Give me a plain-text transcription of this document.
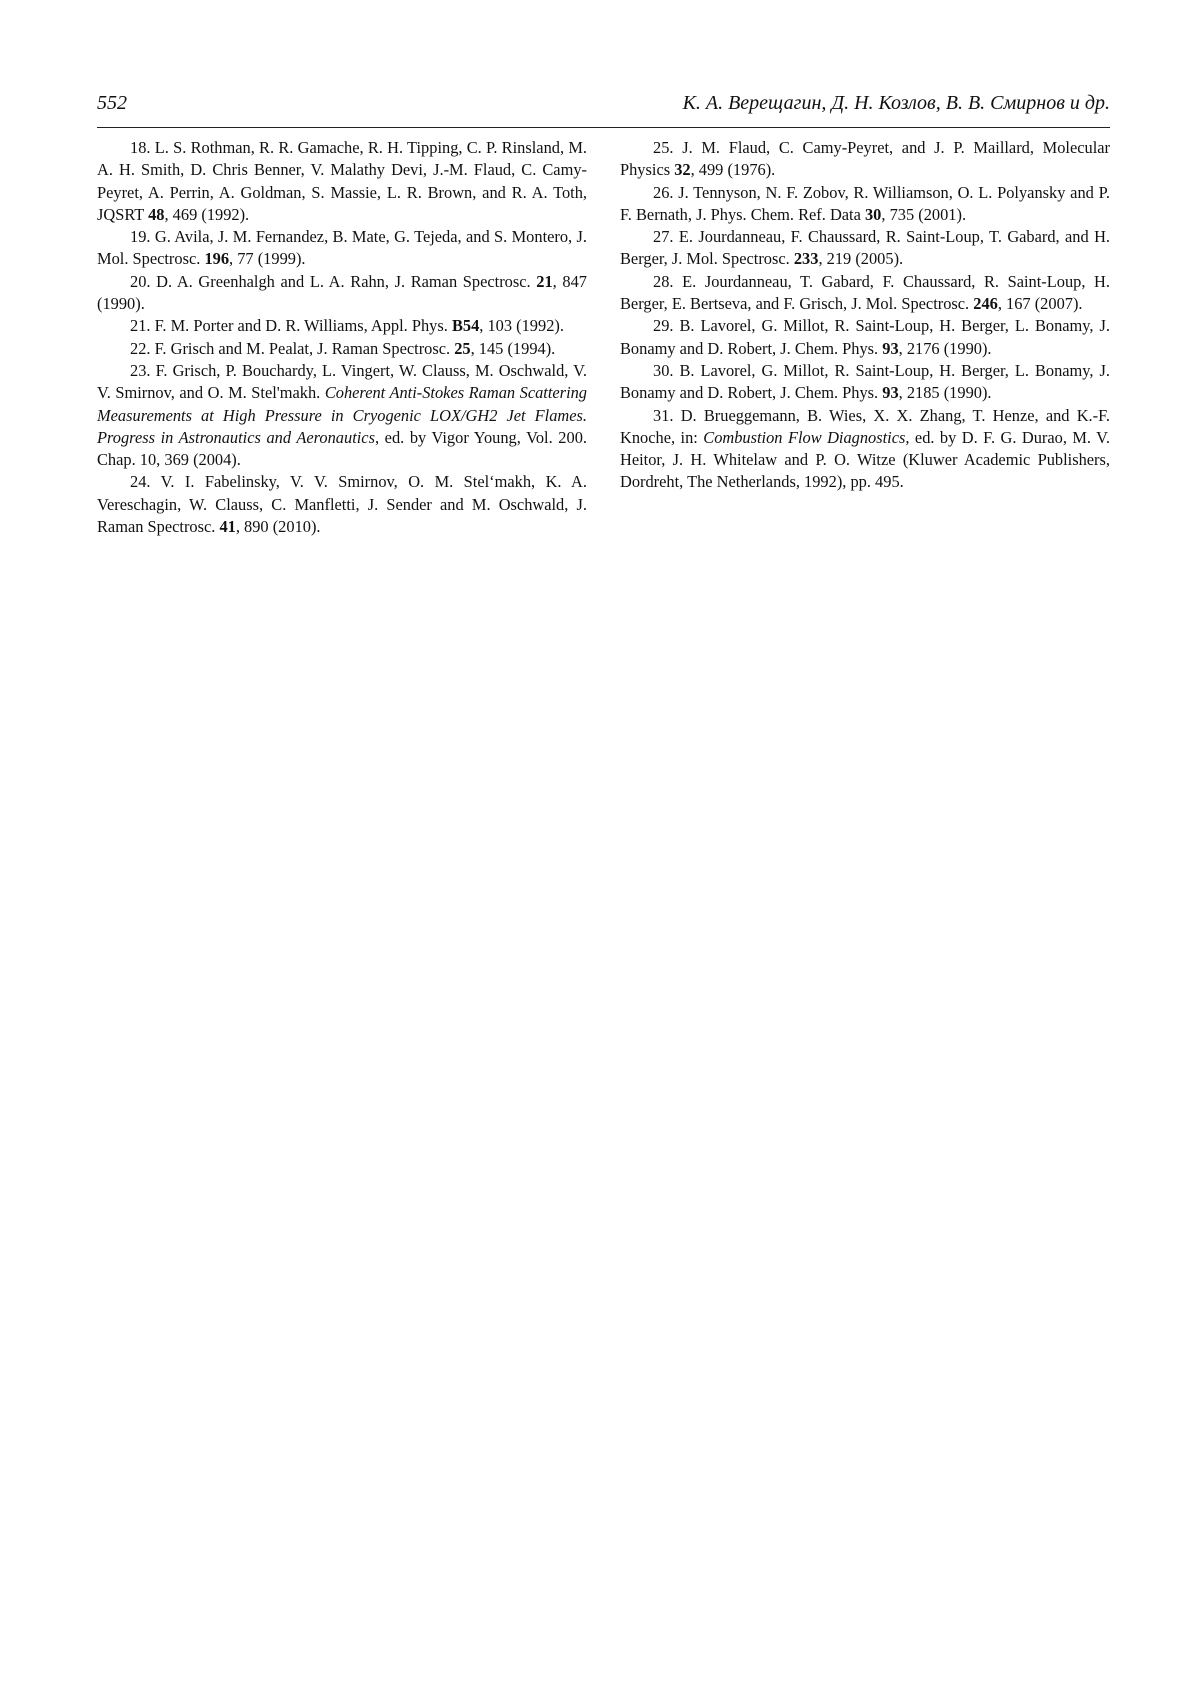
552	К. А. Верещагин, Д. Н. Козлов, В. В. Смирнов и др.

18. L. S. Rothman, R. R. Gamache, R. H. Tipping, C. P. Rinsland, M. A. H. Smith, D. Chris Benner, V. Malathy Devi, J.-M. Flaud, C. Camy-Peyret, A. Perrin, A. Goldman, S. Massie, L. R. Brown, and R. A. Toth, JQSRT 48, 469 (1992).

19. G. Avila, J. M. Fernandez, B. Mate, G. Tejeda, and S. Montero, J. Mol. Spectrosc. 196, 77 (1999).

20. D. A. Greenhalgh and L. A. Rahn, J. Raman Spectrosc. 21, 847 (1990).

21. F. M. Porter and D. R. Williams, Appl. Phys. B54, 103 (1992).

22. F. Grisch and M. Pealat, J. Raman Spectrosc. 25, 145 (1994).

23. F. Grisch, P. Bouchardy, L. Vingert, W. Clauss, M. Oschwald, V. V. Smirnov, and O. M. Stel'makh. Coherent Anti-Stokes Raman Scattering Measurements at High Pressure in Cryogenic LOX/GH2 Jet Flames. Progress in Astronautics and Aeronautics, ed. by Vigor Young, Vol. 200. Chap. 10, 369 (2004).

24. V. I. Fabelinsky, V. V. Smirnov, O. M. Stel‘makh, K. A. Vereschagin, W. Clauss, C. Manfletti, J. Sender and M. Oschwald, J. Raman Spectrosc. 41, 890 (2010).

25. J. M. Flaud, C. Camy-Peyret, and J. P. Maillard, Molecular Physics 32, 499 (1976).

26. J. Tennyson, N. F. Zobov, R. Williamson, O. L. Polyansky and P. F. Bernath, J. Phys. Chem. Ref. Data 30, 735 (2001).

27. E. Jourdanneau, F. Chaussard, R. Saint-Loup, T. Gabard, and H. Berger, J. Mol. Spectrosc. 233, 219 (2005).

28. E. Jourdanneau, T. Gabard, F. Chaussard, R. Saint-Loup, H. Berger, E. Bertseva, and F. Grisch, J. Mol. Spectrosc. 246, 167 (2007).

29. B. Lavorel, G. Millot, R. Saint-Loup, H. Berger, L. Bonamy, J. Bonamy and D. Robert, J. Chem. Phys. 93, 2176 (1990).

30. B. Lavorel, G. Millot, R. Saint-Loup, H. Berger, L. Bonamy, J. Bonamy and D. Robert, J. Chem. Phys. 93, 2185 (1990).

31. D. Brueggemann, B. Wies, X. X. Zhang, T. Henze, and K.-F. Knoche, in: Combustion Flow Diagnostics, ed. by D. F. G. Durao, M. V. Heitor, J. H. Whitelaw and P. O. Witze (Kluwer Academic Publishers, Dordreht, The Netherlands, 1992), pp. 495.
